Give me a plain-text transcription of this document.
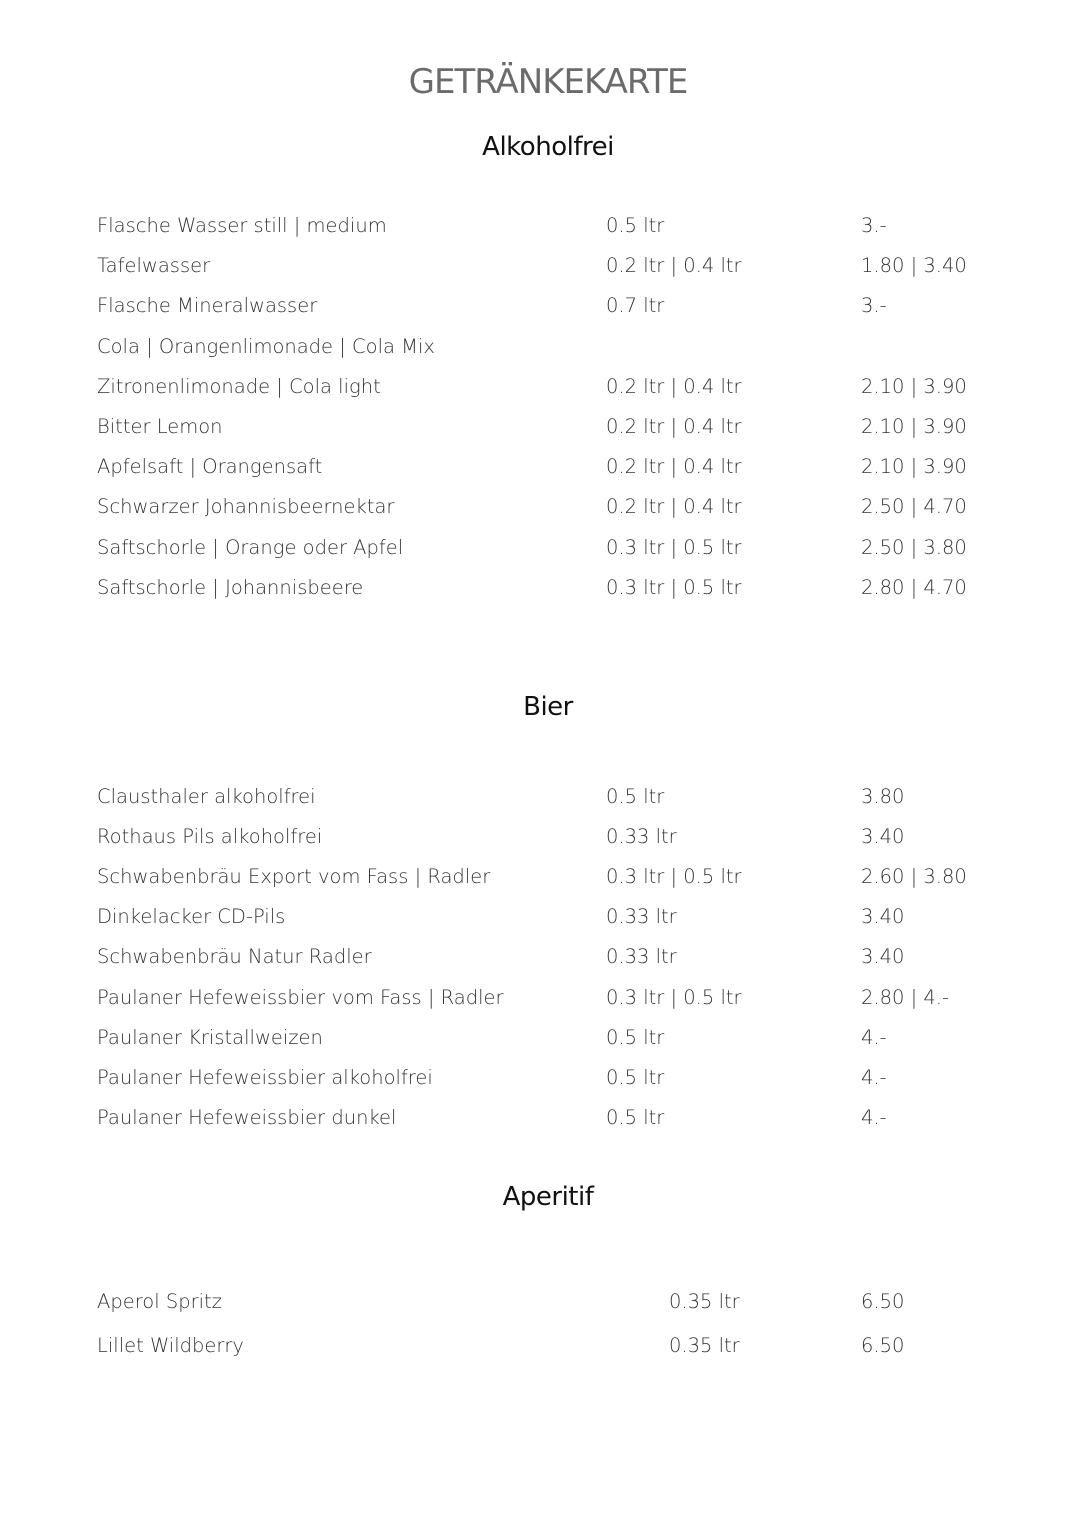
GETRÄNKEKARTE
Alkoholfrei
Flasche Wasser still | medium	0.5 ltr	3.-
Tafelwasser	0.2 ltr | 0.4 ltr	1.80 | 3.40
Flasche Mineralwasser	0.7 ltr	3.-
Cola | Orangenlimonade | Cola Mix
Zitronenlimonade | Cola light	0.2 ltr | 0.4 ltr	2.10 | 3.90
Bitter Lemon	0.2 ltr | 0.4 ltr	2.10 | 3.90
Apfelsaft | Orangensaft	0.2 ltr | 0.4 ltr	2.10 | 3.90
Schwarzer Johannisbeernektar	0.2 ltr | 0.4 ltr	2.50 | 4.70
Saftschorle | Orange oder Apfel	0.3 ltr | 0.5 ltr	2.50 | 3.80
Saftschorle | Johannisbeere	0.3 ltr | 0.5 ltr	2.80 | 4.70
Bier
Clausthaler alkoholfrei	0.5 ltr	3.80
Rothaus Pils alkoholfrei	0.33 ltr	3.40
Schwabenbräu Export vom Fass | Radler	0.3 ltr | 0.5 ltr	2.60 | 3.80
Dinkelacker CD-Pils	0.33 ltr	3.40
Schwabenbräu Natur Radler	0.33 ltr	3.40
Paulaner Hefeweissbier vom Fass | Radler	0.3 ltr | 0.5 ltr	2.80 | 4.-
Paulaner Kristallweizen	0.5 ltr	4.-
Paulaner Hefeweissbier alkoholfrei	0.5 ltr	4.-
Paulaner Hefeweissbier dunkel	0.5 ltr	4.-
Aperitif
Aperol Spritz	0.35 ltr	6.50
Lillet Wildberry	0.35 ltr	6.50
